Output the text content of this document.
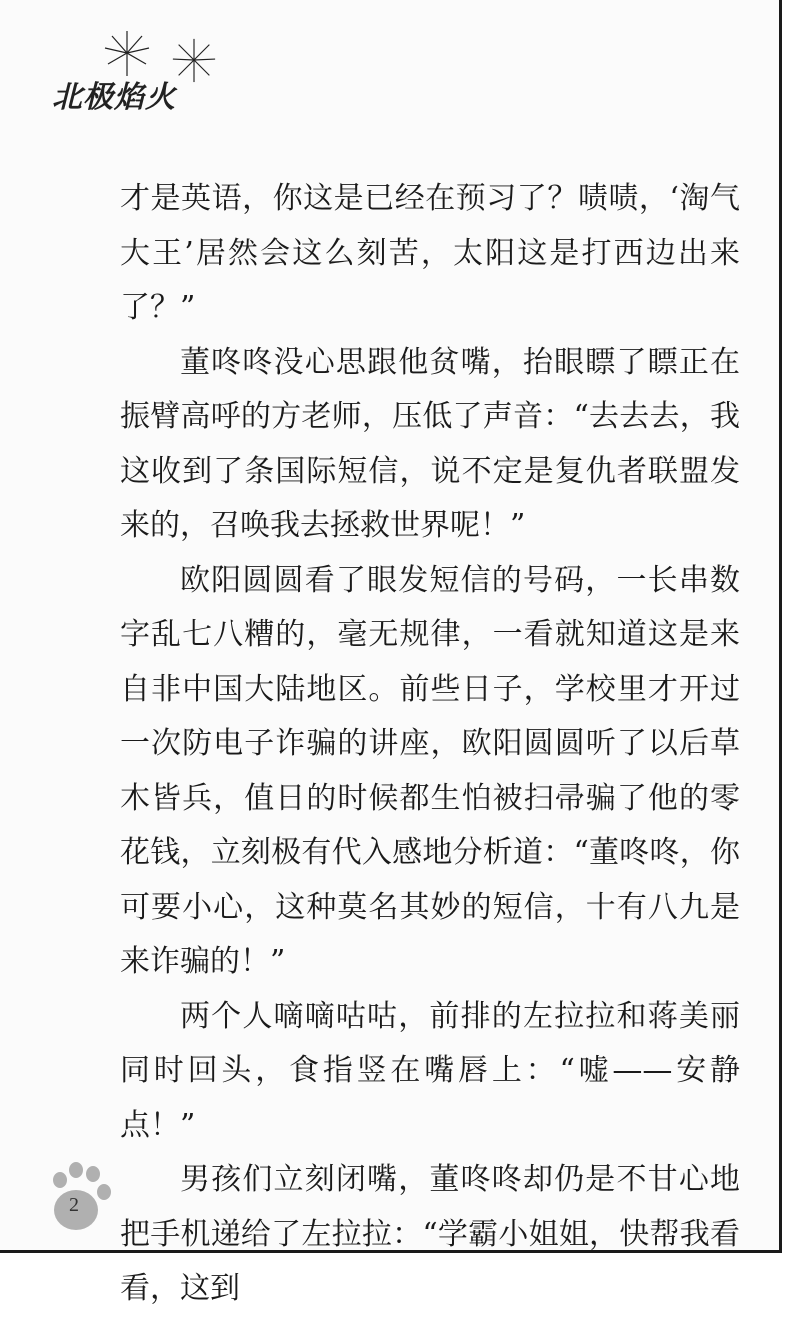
北极焰火

才是英语，你这是已经在预习了？啧啧，‘淘气大王’居然会这么刻苦，太阳这是打西边出来了？”

董咚咚没心思跟他贫嘴，抬眼瞟了瞟正在振臂高呼的方老师，压低了声音：“去去去，我这收到了条国际短信，说不定是复仇者联盟发来的，召唤我去拯救世界呢！”

欧阳圆圆看了眼发短信的号码，一长串数字乱七八糟的，毫无规律，一看就知道这是来自非中国大陆地区。前些日子，学校里才开过一次防电子诈骗的讲座，欧阳圆圆听了以后草木皆兵，值日的时候都生怕被扫帚骗了他的零花钱，立刻极有代入感地分析道：“董咚咚，你可要小心，这种莫名其妙的短信，十有八九是来诈骗的！”

两个人嘀嘀咕咕，前排的左拉拉和蒋美丽同时回头，食指竖在嘴唇上：“嘘——安静点！”

男孩们立刻闭嘴，董咚咚却仍是不甘心地把手机递给了左拉拉：“学霸小姐姐，快帮我看看，这到

2
